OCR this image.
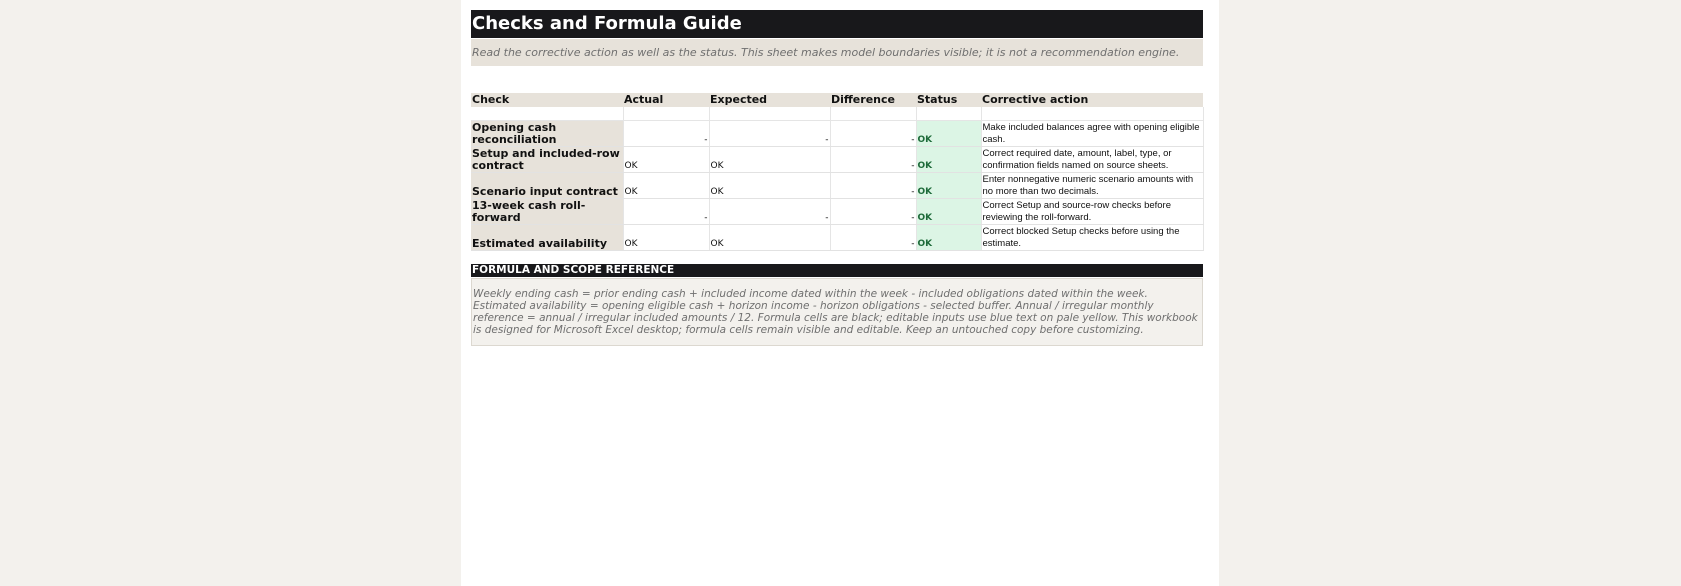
Checks and Formula Guide
Read the corrective action as well as the status. This sheet makes model boundaries visible; it is not a recommendation engine.
Check	Actual	Expected	Difference	Status	Corrective action

Opening cash reconciliation	-	-	-	OK	Make included balances agree with opening eligible cash.
Setup and included-row contract	OK	OK	-	OK	Correct required date, amount, label, type, or confirmation fields named on source sheets.
Scenario input contract	OK	OK	-	OK	Enter nonnegative numeric scenario amounts with no more than two decimals.
13-week cash roll-forward	-	-	-	OK	Correct Setup and source-row checks before reviewing the roll-forward.
Estimated availability	OK	OK	-	OK	Correct blocked Setup checks before using the estimate.
FORMULA AND SCOPE REFERENCE
Weekly ending cash = prior ending cash + included income dated within the week - included obligations dated within the week. Estimated availability = opening eligible cash + horizon income - horizon obligations - selected buffer. Annual / irregular monthly reference = annual / irregular included amounts / 12. Formula cells are black; editable inputs use blue text on pale yellow. This workbook is designed for Microsoft Excel desktop; formula cells remain visible and editable. Keep an untouched copy before customizing.
